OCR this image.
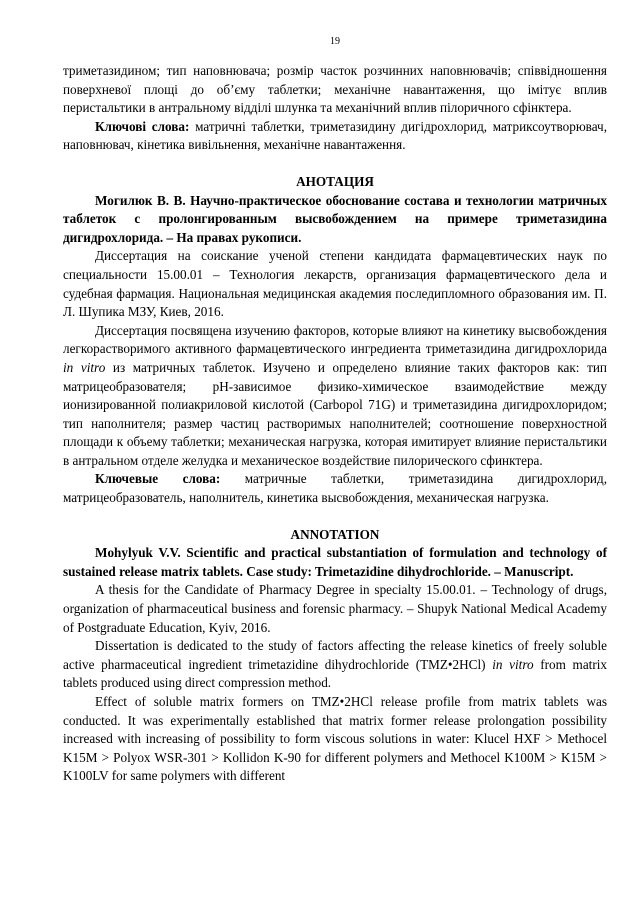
19

триметазидином; тип наповнювача; розмір часток розчинних наповнювачів; співвідношення поверхневої площі до об’єму таблетки; механічне навантаження, що імітує вплив перистальтики в антральному відділі шлунка та механічний вплив пілоричного сфінктера.

Ключові слова: матричні таблетки, триметазидину дигідрохлорид, матриксоутворювач, наповнювач, кінетика вивільнення, механічне навантаження.

АНОТАЦИЯ

Могилюк В. В. Научно-практическое обоснование состава и технологии матричных таблеток с пролонгированным высвобождением на примере триметазидина дигидрохлорида. – На правах рукописи.

Диссертация на соискание ученой степени кандидата фармацевтических наук по специальности 15.00.01 – Технология лекарств, организация фармацевтического дела и судебная фармация. Национальная медицинская академия последипломного образования им. П. Л. Шупика МЗУ, Киев, 2016.

Диссертация посвящена изучению факторов, которые влияют на кинетику высвобождения легкорастворимого активного фармацевтического ингредиента триметазидина дигидрохлорида in vitro из матричных таблеток. Изучено и определено влияние таких факторов как: тип матрицеобразователя; pH-зависимое физико-химическое взаимодействие между ионизированной полиакриловой кислотой (Carbopol 71G) и триметазидина дигидрохлоридом; тип наполнителя; размер частиц растворимых наполнителей; соотношение поверхностной площади к объему таблетки; механическая нагрузка, которая имитирует влияние перистальтики в антральном отделе желудка и механическое воздействие пилорического сфинктера.

Ключевые слова: матричные таблетки, триметазидина дигидрохлорид, матрицеобразователь, наполнитель, кинетика высвобождения, механическая нагрузка.

ANNOTATION

Mohylyuk V.V. Scientific and practical substantiation of formulation and technology of sustained release matrix tablets. Case study: Trimetazidine dihydrochloride. – Manuscript.

A thesis for the Candidate of Pharmacy Degree in specialty 15.00.01. – Technology of drugs, organization of pharmaceutical business and forensic pharmacy. – Shupyk National Medical Academy of Postgraduate Education, Kyiv, 2016.

Dissertation is dedicated to the study of factors affecting the release kinetics of freely soluble active pharmaceutical ingredient trimetazidine dihydrochloride (TMZ•2HCl) in vitro from matrix tablets produced using direct compression method.

Effect of soluble matrix formers on TMZ•2HCl release profile from matrix tablets was conducted. It was experimentally established that matrix former release prolongation possibility increased with increasing of possibility to form viscous solutions in water: Klucel HXF > Methocel K15M > Polyox WSR-301 > Kollidon K-90 for different polymers and Methocel K100M > K15M > K100LV for same polymers with different
